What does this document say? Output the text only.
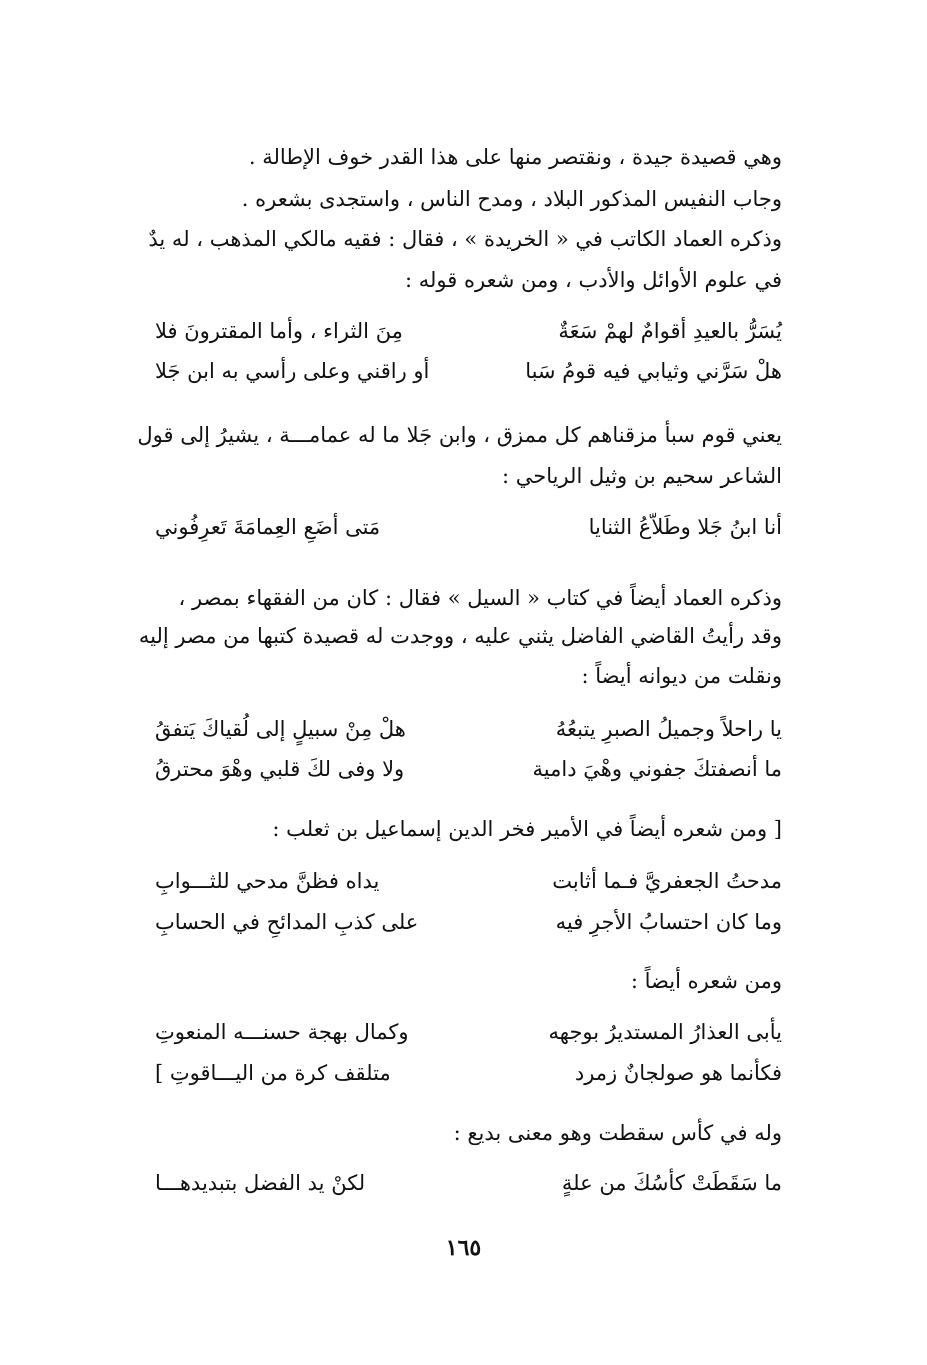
وهي قصيدة جيدة ، ونقتصر منها على هذا القدر خوف الإطالة .
وجاب النفيس المذكور البلاد ، ومدح الناس ، واستجدى بشعره .
وذكره العماد الكاتب في « الخريدة » ، فقال : فقيه مالكي المذهب ، له يدٌ
في علوم الأوائل والأدب ، ومن شعره قوله :
يُسَرُّ بالعيدِ أقوامٌ لهمْ سَعَةٌ
مِنَ الثراء ، وأما المقترونَ فلا
هلْ سَرَّني وثيابي فيه قومُ سَبا
أو راقني وعلى رأسي به ابن جَلا
يعني قوم سبأ مزقناهم كل ممزق ، وابن جَلا ما له عمامـــة ، يشيرُ إلى قول
الشاعر سحيم بن وثيل الرياحي :
أنا ابنُ جَلا وطَلاّعُ الثنايا
مَتى أضَعِ العِمامَةَ تَعرِفُوني
وذكره العماد أيضاً في كتاب « السيل » فقال : كان من الفقهاء بمصر ،
وقد رأيتُ القاضي الفاضل يثني عليه ، ووجدت له قصيدة كتبها من مصر إليه
ونقلت من ديوانه أيضاً :
يا راحلاً وجميلُ الصبرِ يتبعُهُ
هلْ مِنْ سبيلٍ إلى لُقياكَ يَتفقُ
ما أنصفتكَ جفوني وهْيَ دامية
ولا وفى لكَ قلبي وهْوَ محترقُ
[ ومن شعره أيضاً في الأمير فخر الدين إسماعيل بن ثعلب :
مدحتُ الجعفريَّ فـما أثابت
يداه فظنَّ مدحي للثـــوابِ
وما كان احتسابُ الأجرِ فيه
على كذبِ المدائحِ في الحسابِ
ومن شعره أيضاً :
يأبى العذارُ المستديرُ بوجهه
وكمال بهجة حسنـــه المنعوتِ
فكأنما هو صولجانٌ زمرد
متلقف كرة من اليـــاقوتِ ]
وله في كأس سقطت وهو معنى بديع :
ما سَقَطَتْ كأسُكَ من علةٍ
لكنْ يد الفضل بتبديدهـــا
١٦٥
